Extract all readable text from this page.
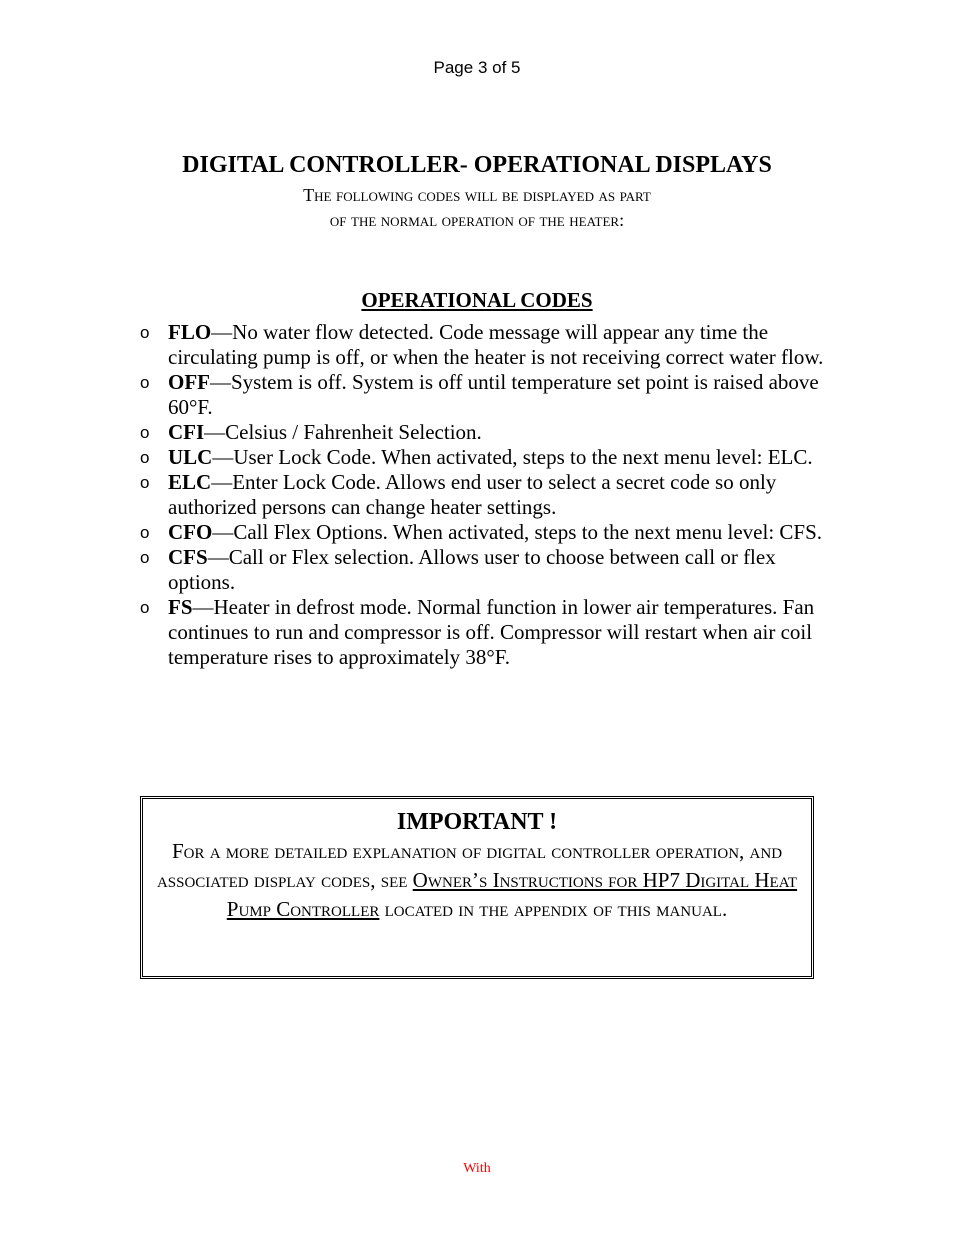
Page 3 of 5
DIGITAL CONTROLLER- OPERATIONAL DISPLAYS
The following codes will be displayed as part
of the normal operation of the heater:
OPERATIONAL CODES
o FLO—No water flow detected. Code message will appear any time the circulating pump is off, or when the heater is not receiving correct water flow.
o OFF—System is off. System is off until temperature set point is raised above 60°F.
o CFI—Celsius / Fahrenheit Selection.
o ULC—User Lock Code. When activated, steps to the next menu level: ELC.
o ELC—Enter Lock Code. Allows end user to select a secret code so only authorized persons can change heater settings.
o CFO—Call Flex Options. When activated, steps to the next menu level: CFS.
o CFS—Call or Flex selection. Allows user to choose between call or flex options.
o FS—Heater in defrost mode. Normal function in lower air temperatures. Fan continues to run and compressor is off. Compressor will restart when air coil temperature rises to approximately 38°F.
IMPORTANT !
For a more detailed explanation of digital controller operation, and associated display codes, see Owner’s Instructions for HP7 Digital Heat Pump Controller located in the appendix of this manual.
With
